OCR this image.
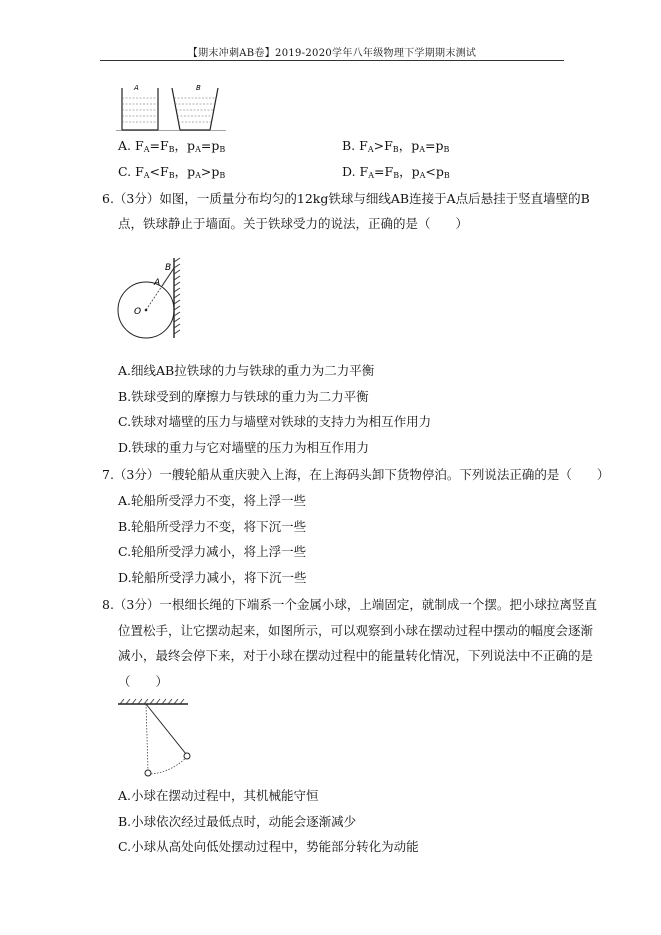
【期末冲刺AB卷】2019-2020学年八年级物理下学期期末测试
A	B
A. $F_A=F_B$，$p_A=p_B$	B. $F_A>F_B$，$p_A=p_B$
C. $F_A<F_B$，$p_A>p_B$	D. $F_A=F_B$，$p_A<p_B$
6.（3分）如图，一质量分布均匀的12kg铁球与细线AB连接于A点后悬挂于竖直墙壁的B
点，铁球静止于墙面。关于铁球受力的说法，正确的是（　　）
B
A
O
A.细线AB拉铁球的力与铁球的重力为二力平衡
B.铁球受到的摩擦力与铁球的重力为二力平衡
C.铁球对墙壁的压力与墙壁对铁球的支持力为相互作用力
D.铁球的重力与它对墙壁的压力为相互作用力
7.（3分）一艘轮船从重庆驶入上海，在上海码头卸下货物停泊。下列说法正确的是（　　）
A.轮船所受浮力不变，将上浮一些
B.轮船所受浮力不变，将下沉一些
C.轮船所受浮力减小，将上浮一些
D.轮船所受浮力减小，将下沉一些
8.（3分）一根细长绳的下端系一个金属小球，上端固定，就制成一个摆。把小球拉离竖直
位置松手，让它摆动起来，如图所示，可以观察到小球在摆动过程中摆动的幅度会逐渐
减小，最终会停下来，对于小球在摆动过程中的能量转化情况，下列说法中不正确的是
（　　）
A.小球在摆动过程中，其机械能守恒
B.小球依次经过最低点时，动能会逐渐减少
C.小球从高处向低处摆动过程中，势能部分转化为动能
